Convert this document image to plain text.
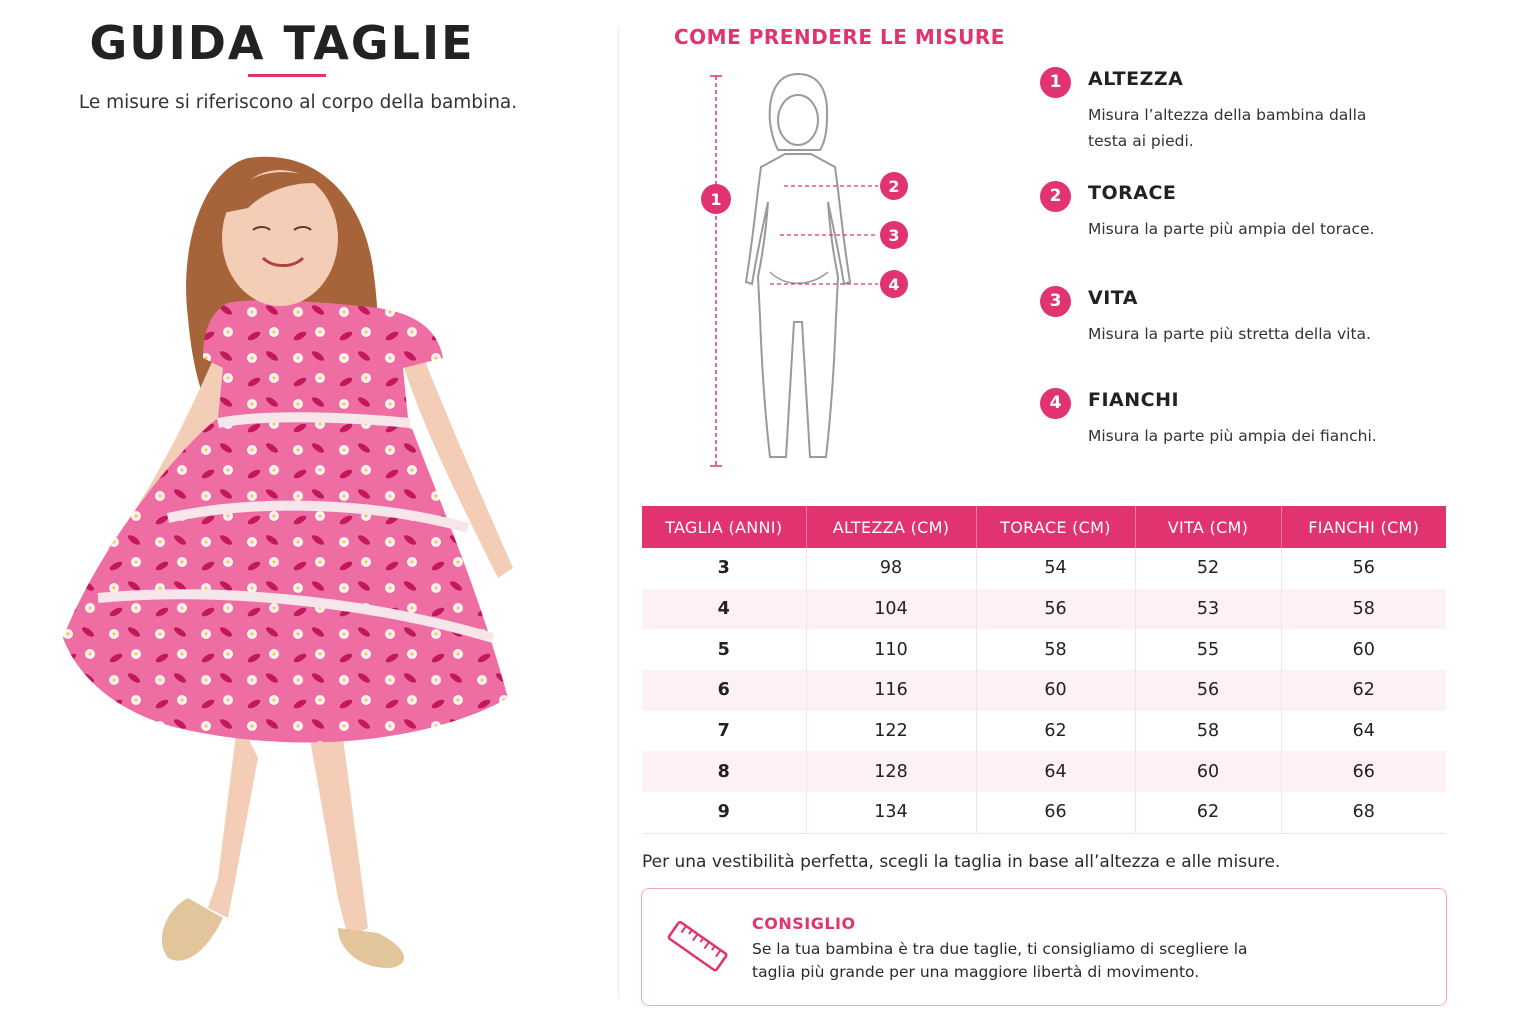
GUIDA TAGLIE
Le misure si riferiscono al corpo della bambina.
COME PRENDERE LE MISURE
1
2
3
4
1	ALTEZZA
Misura l’altezza della bambina dalla testa ai piedi.
2	TORACE
Misura la parte più ampia del torace.
3	VITA
Misura la parte più stretta della vita.
4	FIANCHI
Misura la parte più ampia dei fianchi.
TAGLIA (ANNI)	ALTEZZA (CM)	TORACE (CM)	VITA (CM)	FIANCHI (CM)
3	98	54	52	56
4	104	56	53	58
5	110	58	55	60
6	116	60	56	62
7	122	62	58	64
8	128	64	60	66
9	134	66	62	68
Per una vestibilità perfetta, scegli la taglia in base all’altezza e alle misure.
CONSIGLIO
Se la tua bambina è tra due taglie, ti consigliamo di scegliere la taglia più grande per una maggiore libertà di movimento.
